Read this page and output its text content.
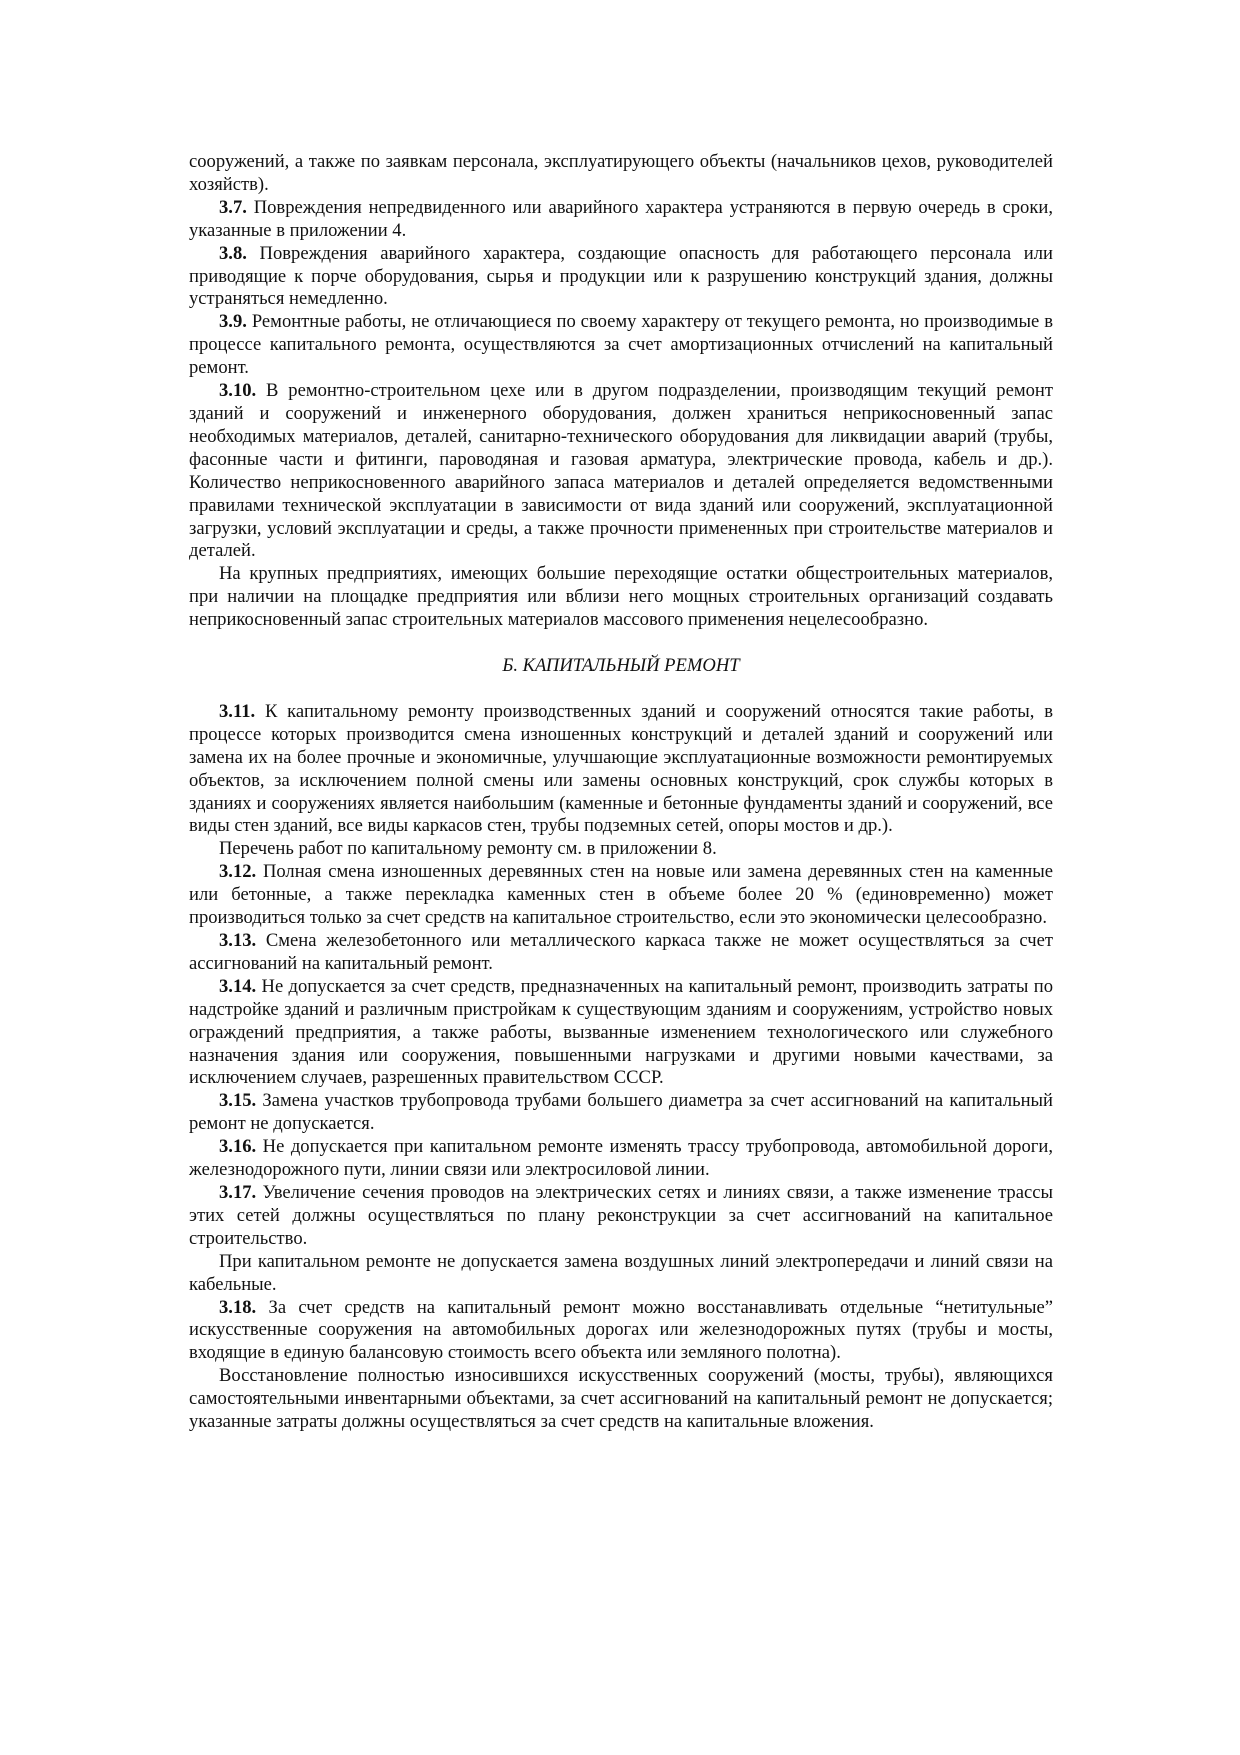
сооружений, а также по заявкам персонала, эксплуатирующего объекты (начальников цехов, руководителей хозяйств).

3.7. Повреждения непредвиденного или аварийного характера устраняются в первую очередь в сроки, указанные в приложении 4.

3.8. Повреждения аварийного характера, создающие опасность для работающего персонала или приводящие к порче оборудования, сырья и продукции или к разрушению конструкций здания, должны устраняться немедленно.

3.9. Ремонтные работы, не отличающиеся по своему характеру от текущего ремонта, но производимые в процессе капитального ремонта, осуществляются за счет амортизационных отчислений на капитальный ремонт.

3.10. В ремонтно-строительном цехе или в другом подразделении, производящим текущий ремонт зданий и сооружений и инженерного оборудования, должен храниться неприкосновенный запас необходимых материалов, деталей, санитарно-технического оборудования для ликвидации аварий (трубы, фасонные части и фитинги, пароводяная и газовая арматура, электрические провода, кабель и др.). Количество неприкосновенного аварийного запаса материалов и деталей определяется ведомственными правилами технической эксплуатации в зависимости от вида зданий или сооружений, эксплуатационной загрузки, условий эксплуатации и среды, а также прочности примененных при строительстве материалов и деталей.

На крупных предприятиях, имеющих большие переходящие остатки общестроительных материалов, при наличии на площадке предприятия или вблизи него мощных строительных организаций создавать неприкосновенный запас строительных материалов массового применения нецелесообразно.

Б. КАПИТАЛЬНЫЙ РЕМОНТ

3.11. К капитальному ремонту производственных зданий и сооружений относятся такие работы, в процессе которых производится смена изношенных конструкций и деталей зданий и сооружений или замена их на более прочные и экономичные, улучшающие эксплуатационные возможности ремонтируемых объектов, за исключением полной смены или замены основных конструкций, срок службы которых в зданиях и сооружениях является наибольшим (каменные и бетонные фундаменты зданий и сооружений, все виды стен зданий, все виды каркасов стен, трубы подземных сетей, опоры мостов и др.).

Перечень работ по капитальному ремонту см. в приложении 8.

3.12. Полная смена изношенных деревянных стен на новые или замена деревянных стен на каменные или бетонные, а также перекладка каменных стен в объеме более 20 % (единовременно) может производиться только за счет средств на капитальное строительство, если это экономически целесообразно.

3.13. Смена железобетонного или металлического каркаса также не может осуществляться за счет ассигнований на капитальный ремонт.

3.14. Не допускается за счет средств, предназначенных на капитальный ремонт, производить затраты по надстройке зданий и различным пристройкам к существующим зданиям и сооружениям, устройство новых ограждений предприятия, а также работы, вызванные изменением технологического или служебного назначения здания или сооружения, повышенными нагрузками и другими новыми качествами, за исключением случаев, разрешенных правительством СССР.

3.15. Замена участков трубопровода трубами большего диаметра за счет ассигнований на капитальный ремонт не допускается.

3.16. Не допускается при капитальном ремонте изменять трассу трубопровода, автомобильной дороги, железнодорожного пути, линии связи или электросиловой линии.

3.17. Увеличение сечения проводов на электрических сетях и линиях связи, а также изменение трассы этих сетей должны осуществляться по плану реконструкции за счет ассигнований на капитальное строительство.

При капитальном ремонте не допускается замена воздушных линий электропередачи и линий связи на кабельные.

3.18. За счет средств на капитальный ремонт можно восстанавливать отдельные “нетитульные” искусственные сооружения на автомобильных дорогах или железнодорожных путях (трубы и мосты, входящие в единую балансовую стоимость всего объекта или земляного полотна).

Восстановление полностью износившихся искусственных сооружений (мосты, трубы), являющихся самостоятельными инвентарными объектами, за счет ассигнований на капитальный ремонт не допускается; указанные затраты должны осуществляться за счет средств на капитальные вложения.
